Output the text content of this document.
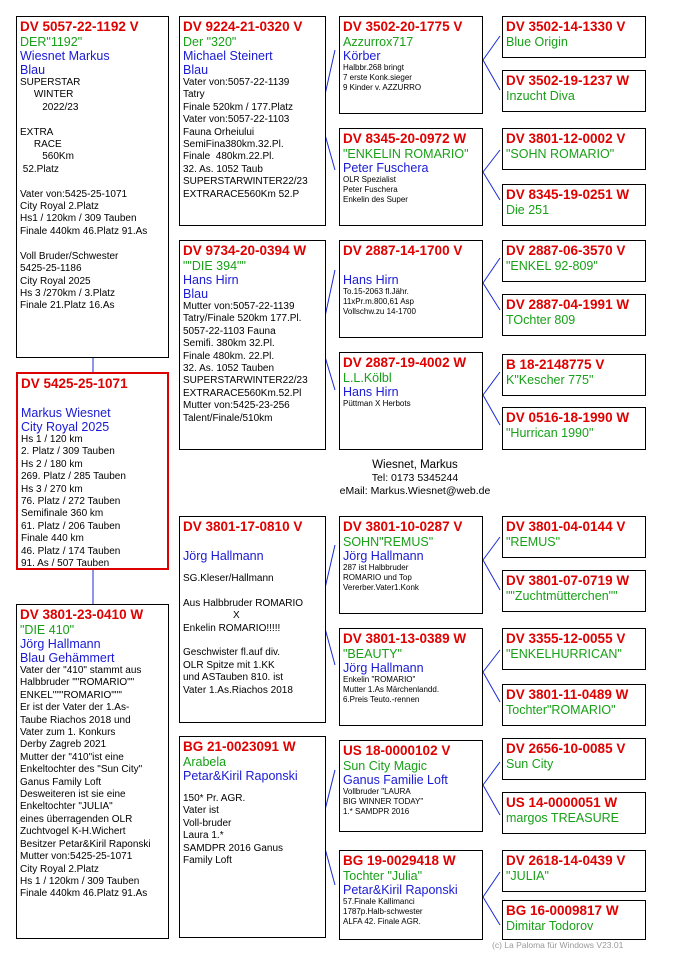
DV 5057-22-1192 V
DER"1192"
Wiesnet Markus
Blau
SUPERSTAR
WINTER
2022/23

EXTRA
RACE
560Km
52.Platz

Vater von:5425-25-1071
City Royal 2.Platz
Hs1 / 120km / 309 Tauben
Finale 440km 46.Platz 91.As

Voll Bruder/Schwester
5425-25-1186
City Royal 2025
Hs 3 /270km / 3.Platz
Finale 21.Platz 16.As
DV 5425-25-1071
Markus Wiesnet
City Royal 2025
Hs 1 / 120 km
2. Platz / 309 Tauben
Hs 2 / 180 km
269. Platz / 285 Tauben
Hs 3 / 270 km
76. Platz / 272 Tauben
Semifinale 360 km
61. Platz / 206 Tauben
Finale 440 km
46. Platz / 174 Tauben
91. As / 507 Tauben
DV 3801-23-0410 W
"DIE 410"
Jörg Hallmann
Blau Gehämmert
Vater der "410" stammt aus
Halbbruder ""ROMARIO""
ENKEL"""ROMARIO"""
Er ist der Vater der 1.As-
Taube Riachos 2018 und
Vater zum 1. Konkurs
Derby Zagreb 2021
Mutter der "410"ist eine
Enkeltochter des "Sun City"
Ganus Family Loft
Desweiteren ist sie eine
Enkeltochter "JULIA"
eines überragenden OLR
Zuchtvogel K-H.Wichert
Besitzer Petar&Kiril Raponski
Mutter von:5425-25-1071
City Royal 2.Platz
Hs 1 / 120km / 309 Tauben
Finale 440km 46.Platz 91.As
DV 9224-21-0320 V
Der "320"
Michael Steinert
Blau
Vater von:5057-22-1139
Tatry
Finale 520km / 177.Platz
Vater von:5057-22-1103
Fauna Orheiului
SemiFina380km.32.Pl.
Finale  480km.22.Pl.
32. As. 1052 Taub
SUPERSTARWINTER22/23
EXTRARACE560Km 52.P
DV 9734-20-0394 W
""DIE 394""
Hans Hirn
Blau
Mutter von:5057-22-1139
Tatry/Finale 520km 177.Pl.
5057-22-1103 Fauna
Semifi. 380km 32.Pl.
Finale 480km. 22.Pl.
32. As. 1052 Tauben
SUPERSTARWINTER22/23
EXTRARACE560Km.52.Pl
Mutter von:5425-23-256
Talent/Finale/510km
DV 3801-17-0810 V
Jörg Hallmann
SG.Kleser/Hallmann

Aus Halbbruder ROMARIO
X
Enkelin ROMARIO!!!!!

Geschwister fl.auf div.
OLR Spitze mit 1.KK
und ASTauben 810. ist
Vater 1.As.Riachos 2018
BG 21-0023091 W
Arabela
Petar&Kiril Raponski
150* Pr. AGR.
Vater ist
Voll-bruder
Laura 1.*
SAMDPR 2016 Ganus
Family Loft
DV 3502-20-1775 V
Azzurrox717
Körber
Halbbr.268 bringt
7 erste Konk.sieger
9 Kinder v. AZZURRO
DV 8345-20-0972 W
"ENKELIN ROMARIO"
Peter Fuschera
OLR Spezialist
Peter Fuschera
Enkelin des Super
DV 2887-14-1700 V
Hans Hirn
To.15-2063 fl.Jähr.
11xPr.m.800,61 Asp
Vollschw.zu 14-1700
DV 2887-19-4002 W
L.L.Kölbl
Hans Hirn
Püttman X Herbots
DV 3801-10-0287 V
SOHN"REMUS"
Jörg Hallmann
287 ist Halbbruder
ROMARIO und Top
Vererber.Vater1.Konk
DV 3801-13-0389 W
"BEAUTY"
Jörg Hallmann
Enkelin "ROMARIO"
Mutter 1.As Märchenlandd.
6.Preis Teuto.-rennen
US 18-0000102 V
Sun City Magic
Ganus Familie Loft
Vollbruder "LAURA
BIG WINNER TODAY"
1.* SAMDPR 2016
BG 19-0029418 W
Tochter "Julia"
Petar&Kiril Raponski
57.Finale Kallimanci
1787p.Halb-schwester
ALFA 42. Finale AGR.
DV 3502-14-1330 V
Blue Origin
DV 3502-19-1237 W
Inzucht Diva
DV 3801-12-0002 V
"SOHN ROMARIO"
DV 8345-19-0251 W
Die 251
DV 2887-06-3570 V
"ENKEL 92-809"
DV 2887-04-1991 W
TOchter 809
B 18-2148775 V
K"Kescher 775"
DV 0516-18-1990 W
"Hurrican 1990"
DV 3801-04-0144 V
"REMUS"
DV 3801-07-0719 W
""Zuchtmütterchen""
DV 3355-12-0055 V
"ENKELHURRICAN"
DV 3801-11-0489 W
Tochter"ROMARIO"
DV 2656-10-0085 V
Sun City
US 14-0000051 W
margos TREASURE
DV 2618-14-0439 V
"JULIA"
BG 16-0009817 W
Dimitar Todorov
Wiesnet, Markus
Tel: 0173 5345244
eMail: Markus.Wiesnet@web.de
(c) La Paloma für Windows V23.01
